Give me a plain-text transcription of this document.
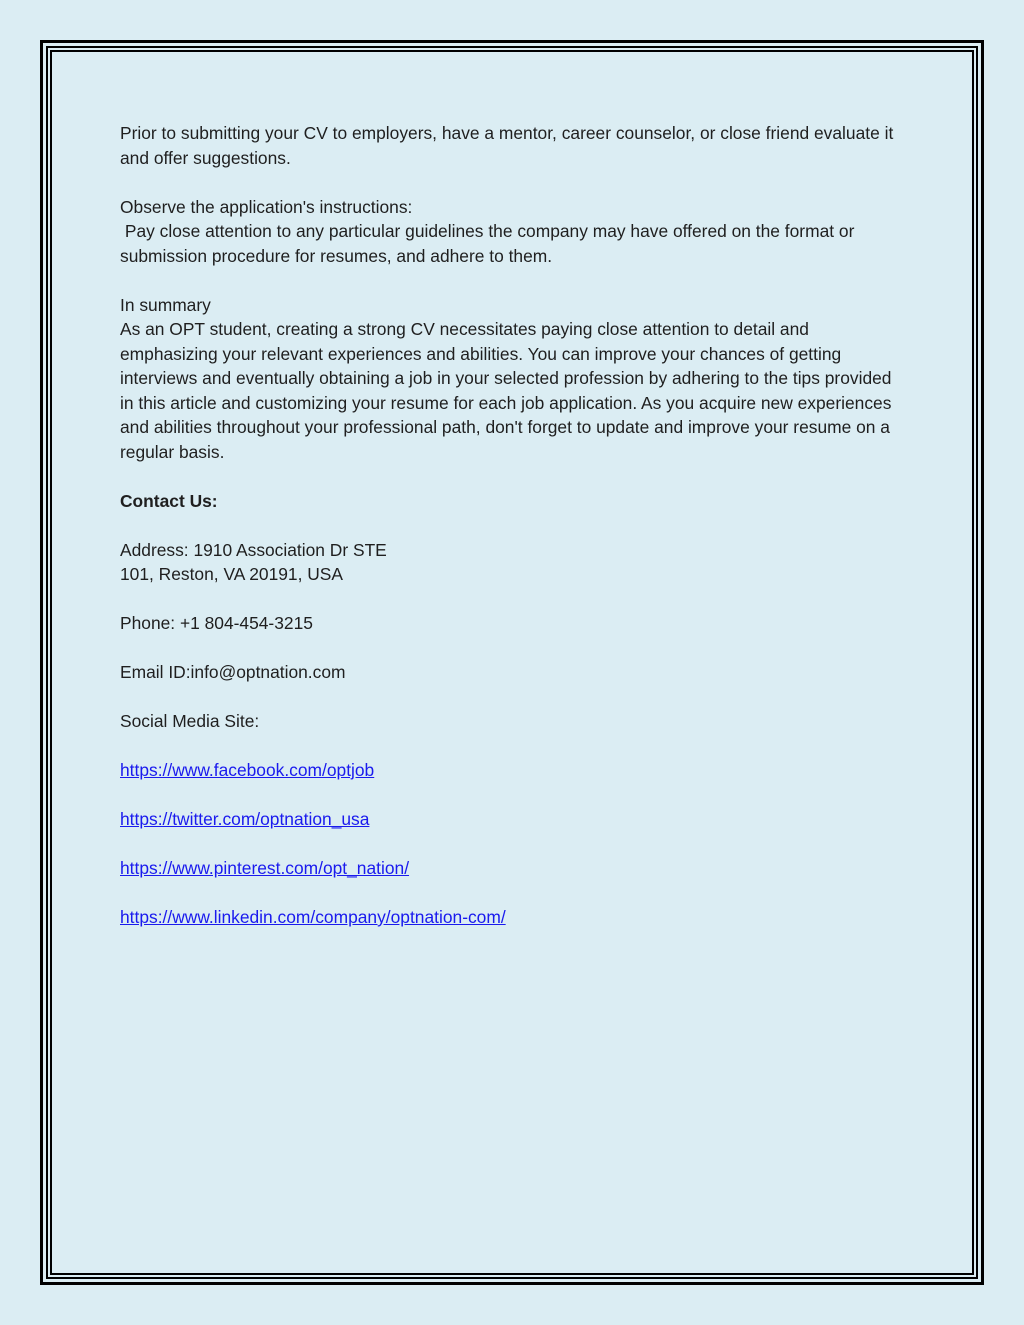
Prior to submitting your CV to employers, have a mentor, career counselor, or close friend evaluate it and offer suggestions.

Observe the application's instructions:

Pay close attention to any particular guidelines the company may have offered on the format or submission procedure for resumes, and adhere to them.

In summary

As an OPT student, creating a strong CV necessitates paying close attention to detail and emphasizing your relevant experiences and abilities. You can improve your chances of getting interviews and eventually obtaining a job in your selected profession by adhering to the tips provided in this article and customizing your resume for each job application. As you acquire new experiences and abilities throughout your professional path, don't forget to update and improve your resume on a regular basis.

Contact Us:

Address: 1910 Association Dr STE

101, Reston, VA 20191, USA

Phone: +1 804-454-3215

Email ID:info@optnation.com

Social Media Site:

https://www.facebook.com/optjob

https://twitter.com/optnation_usa

https://www.pinterest.com/opt_nation/

https://www.linkedin.com/company/optnation-com/
